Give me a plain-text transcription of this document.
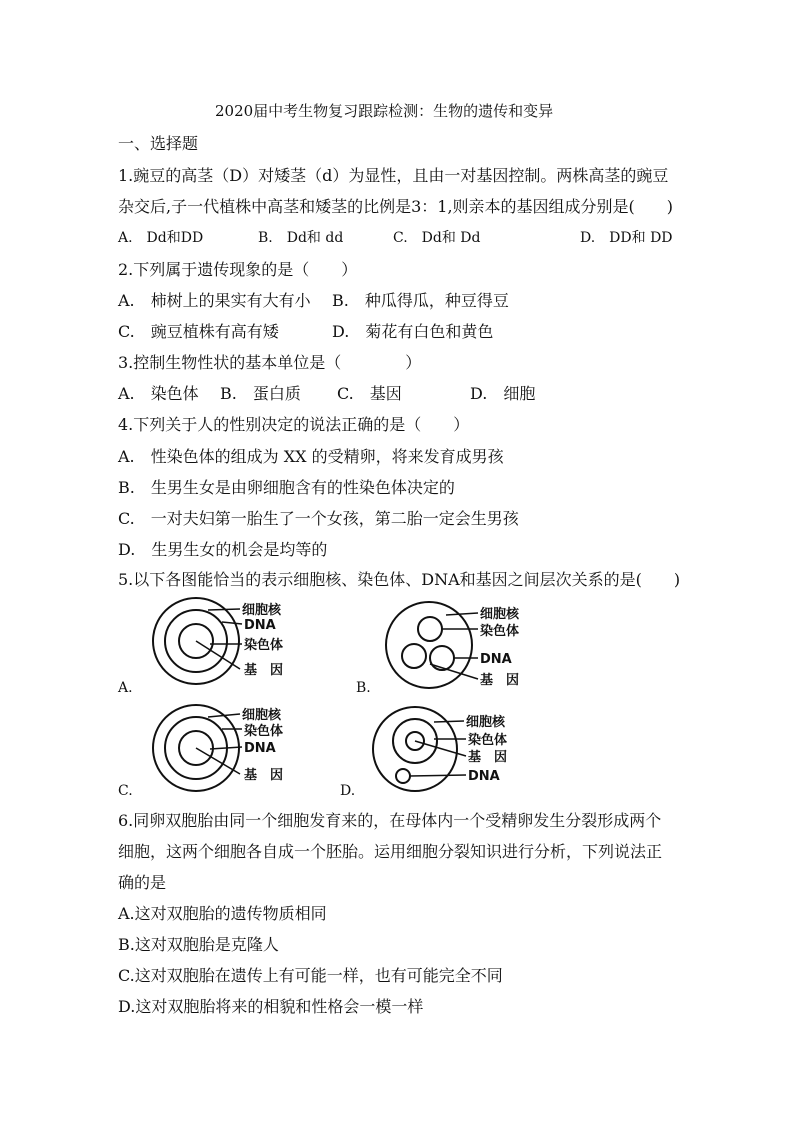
2020届中考生物复习跟踪检测：生物的遗传和变异
一、选择题
1.豌豆的高茎（D）对矮茎（d）为显性，且由一对基因控制。两株高茎的豌豆
杂交后,子一代植株中高茎和矮茎的比例是3：1,则亲本的基因组成分别是(　　)
A.　Dd和DD	B.　Dd和 dd	C.　Dd和 Dd	D.　DD和 DD
2.下列属于遗传现象的是（　　）
A.　柿树上的果实有大有小 B.　种瓜得瓜，种豆得豆
C.　豌豆植株有高有矮	D.　菊花有白色和黄色
3.控制生物性状的基本单位是（　　　　）
A.　染色体 B.　蛋白质 C.　基因	D.　细胞
4.下列关于人的性别决定的说法正确的是（　　）
A.　性染色体的组成为 XX 的受精卵，将来发育成男孩
B.　生男生女是由卵细胞含有的性染色体决定的
C.　一对夫妇第一胎生了一个女孩，第二胎一定会生男孩
D.　生男生女的机会是均等的
5.以下各图能恰当的表示细胞核、染色体、DNA和基因之间层次关系的是(　　)
细胞核
DNA
染色体
基　因
A.
细胞核
染色体
DNA
基　因
B.
细胞核
染色体
DNA
基　因
C.
细胞核
染色体
基　因
DNA
D.
6.同卵双胞胎由同一个细胞发育来的，在母体内一个受精卵发生分裂形成两个
细胞，这两个细胞各自成一个胚胎。运用细胞分裂知识进行分析，下列说法正
确的是
A.这对双胞胎的遗传物质相同
B.这对双胞胎是克隆人
C.这对双胞胎在遗传上有可能一样，也有可能完全不同
D.这对双胞胎将来的相貌和性格会一模一样
